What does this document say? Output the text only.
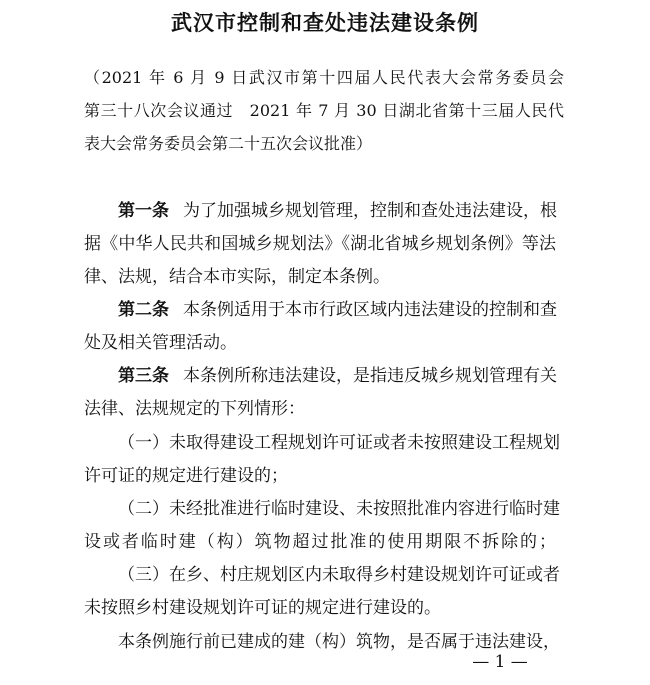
武汉市控制和查处违法建设条例
（2021 年 6 月 9 日武汉市第十四届人民代表大会常务委员会
第三十八次会议通过　2021 年 7 月 30 日湖北省第十三届人民代
表大会常务委员会第二十五次会议批准）
第一条 为了加强城乡规划管理，控制和查处违法建设，根
据《中华人民共和国城乡规划法》《湖北省城乡规划条例》等法
律、法规，结合本市实际，制定本条例。
第二条 本条例适用于本市行政区域内违法建设的控制和查
处及相关管理活动。
第三条 本条例所称违法建设，是指违反城乡规划管理有关
法律、法规规定的下列情形：
（一）未取得建设工程规划许可证或者未按照建设工程规划
许可证的规定进行建设的；
（二）未经批准进行临时建设、未按照批准内容进行临时建
设或者临时建（构）筑物超过批准的使用期限不拆除的；
（三）在乡、村庄规划区内未取得乡村建设规划许可证或者
未按照乡村建设规划许可证的规定进行建设的。
本条例施行前已建成的建（构）筑物，是否属于违法建设，
— 1 —
